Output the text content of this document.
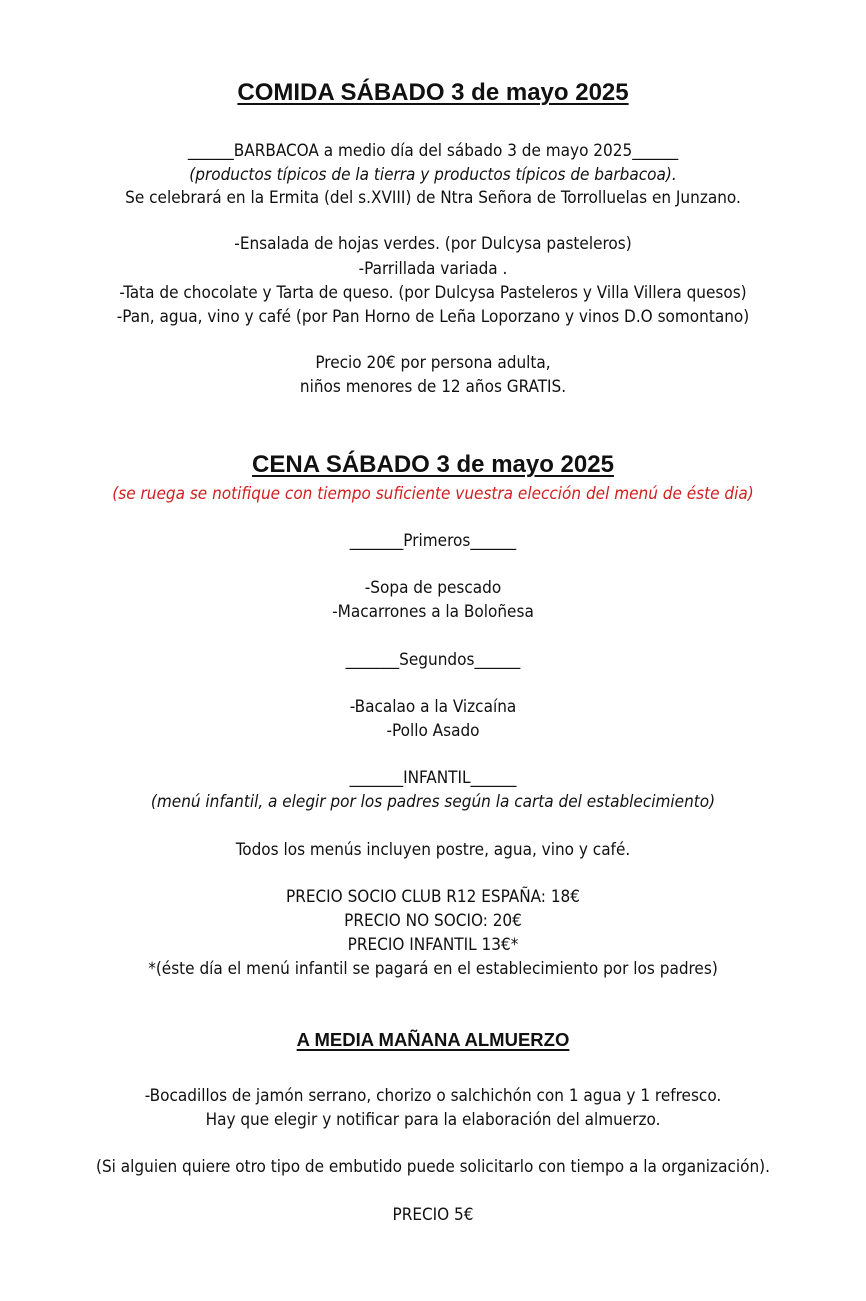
COMIDA SÁBADO 3 de mayo 2025
______BARBACOA a medio día del sábado 3 de mayo 2025______
(productos típicos de la tierra y productos típicos de barbacoa).
Se celebrará en la Ermita (del s.XVIII) de Ntra Señora de Torrolluelas en Junzano.
-Ensalada de hojas verdes. (por Dulcysa pasteleros)
-Parrillada variada .
-Tata de chocolate y Tarta de queso. (por Dulcysa Pasteleros y Villa Villera quesos)
-Pan, agua, vino y café (por Pan Horno de Leña Loporzano y vinos D.O somontano)
Precio 20€ por persona adulta,
niños menores de 12 años GRATIS.
CENA SÁBADO 3 de mayo 2025
(se ruega se notifique con tiempo suficiente vuestra elección del menú de éste dia)
_______Primeros______
-Sopa de pescado
-Macarrones a la Boloñesa
_______Segundos______
-Bacalao a la Vizcaína
-Pollo Asado
_______INFANTIL______
(menú infantil, a elegir por los padres según la carta del establecimiento)
Todos los menús incluyen postre, agua, vino y café.
PRECIO SOCIO CLUB R12 ESPAÑA: 18€
PRECIO NO SOCIO: 20€
PRECIO INFANTIL 13€*
*(éste día el menú infantil se pagará en el establecimiento por los padres)
A MEDIA MAÑANA ALMUERZO
-Bocadillos de jamón serrano, chorizo o salchichón con 1 agua y 1 refresco.
Hay que elegir y notificar para la elaboración del almuerzo.
(Si alguien quiere otro tipo de embutido puede solicitarlo con tiempo a la organización).
PRECIO 5€
